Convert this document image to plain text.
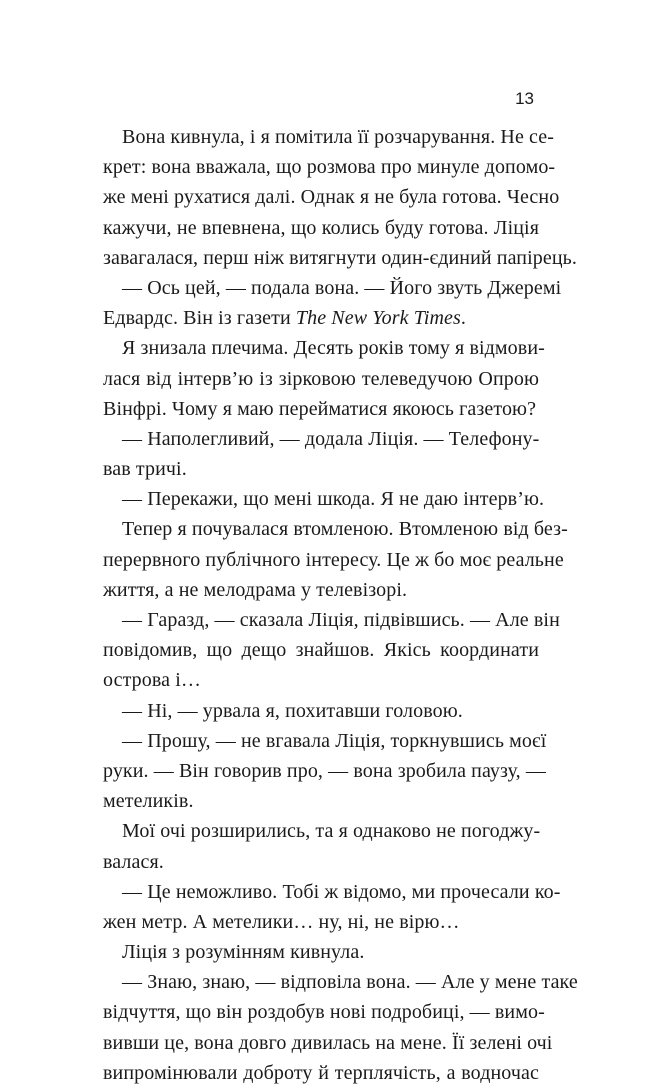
13

Вона кивнула, і я помітила її розчарування. Не се-
крет: вона вважала, що розмова про минуле допомо-
же мені рухатися далі. Однак я не була готова. Чесно
кажучи, не впевнена, що колись буду готова. Ліція
завагалася, перш ніж витягнути один-єдиний папірець.

— Ось цей, — подала вона. — Його звуть Джеремі
Едвардс. Він із газети The New York Times.

Я знизала плечима. Десять років тому я відмови-
лася від інтерв’ю із зірковою телеведучою Опрою
Вінфрі. Чому я маю перейматися якоюсь газетою?

— Наполегливий, — додала Ліція. — Телефону-
вав тричі.

— Перекажи, що мені шкода. Я не даю інтерв’ю.

Тепер я почувалася втомленою. Втомленою від без-
перервного публічного інтересу. Це ж бо моє реальне
життя, а не мелодрама у телевізорі.

— Гаразд, — сказала Ліція, підвівшись. — Але він
повідомив, що дещо знайшов. Якісь координати
острова і…

— Ні, — урвала я, похитавши головою.

— Прошу, — не вгавала Ліція, торкнувшись моєї
руки. — Він говорив про, — вона зробила паузу, —
метеликів.

Мої очі розширились, та я однаково не погоджу-
валася.

— Це неможливо. Тобі ж відомо, ми прочесали ко-
жен метр. А метелики… ну, ні, не вірю…

Ліція з розумінням кивнула.

— Знаю, знаю, — відповіла вона. — Але у мене таке
відчуття, що він роздобув нові подробиці, — вимо-
вивши це, вона довго дивилась на мене. Її зелені очі
випромінювали доброту й терплячість, а водночас
